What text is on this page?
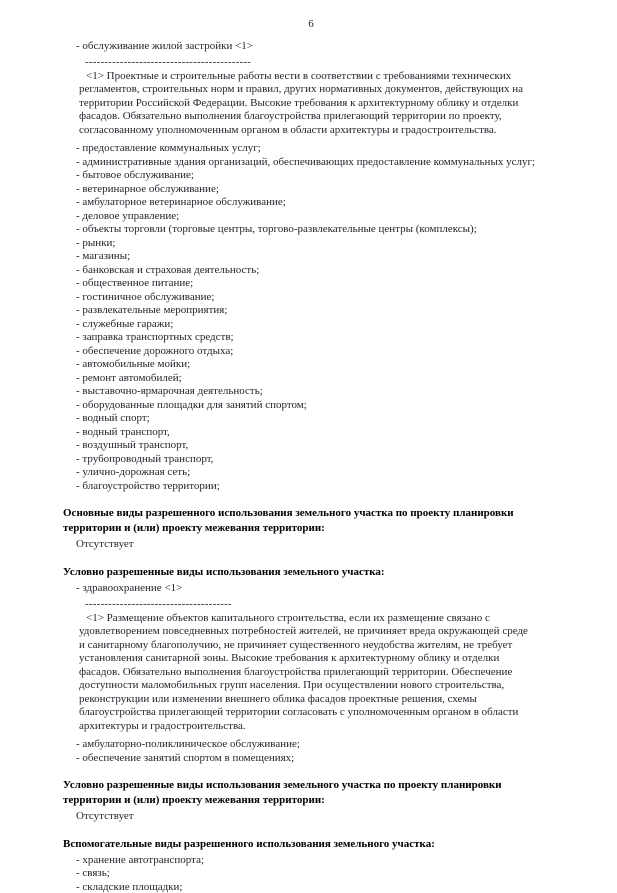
6
- обслуживание жилой застройки <1>
-------------------------------------------
<1> Проектные и строительные работы вести в соответствии с требованиями технических регламентов, строительных норм и правил, других нормативных документов, действующих на территории Российской Федерации. Высокие требования к архитектурному облику и отделки фасадов. Обязательно выполнения благоустройства прилегающий территории по проекту, согласованному уполномоченным органом в области архитектуры и градостроительства.
- предоставление коммунальных услуг;
- административные здания организаций, обеспечивающих предоставление коммунальных услуг;
- бытовое обслуживание;
- ветеринарное обслуживание;
- амбулаторное ветеринарное обслуживание;
- деловое управление;
- объекты торговли (торговые центры, торгово-развлекательные центры (комплексы);
- рынки;
- магазины;
- банковская и страховая деятельность;
- общественное питание;
- гостиничное обслуживание;
- развлекательные мероприятия;
- служебные гаражи;
- заправка транспортных средств;
- обеспечение дорожного отдыха;
- автомобильные мойки;
- ремонт автомобилей;
- выставочно-ярмарочная деятельность;
- оборудованные площадки для занятий спортом;
- водный спорт;
- водный транспорт,
- воздушный транспорт,
- трубопроводный транспорт,
- улично-дорожная сеть;
- благоустройство территории;
Основные виды разрешенного использования земельного участка по проекту планировки территории и (или) проекту межевания территории:
Отсутствует
Условно разрешенные виды использования земельного участка:
- здравоохранение <1>
--------------------------------------
<1> Размещение объектов капитального строительства, если их размещение связано с удовлетворением повседневных потребностей жителей, не причиняет вреда окружающей среде и санитарному благополучию, не причиняет существенного неудобства жителям, не требует установления санитарной зоны. Высокие требования к архитектурному облику и отделки фасадов. Обязательно выполнения благоустройства прилегающий территории. Обеспечение доступности маломобильных групп населения. При осуществлении нового строительства, реконструкции или изменении внешнего облика фасадов проектные решения, схемы благоустройства прилегающей территории согласовать с уполномоченным органом в области архитектуры и градостроительства.
- амбулаторно-поликлиническое обслуживание;
- обеспечение занятий спортом в помещениях;
Условно разрешенные виды использования земельного участка по проекту планировки территории и (или) проекту межевания территории:
Отсутствует
Вспомогательные виды разрешенного использования земельного участка:
- хранение автотранспорта;
- связь;
- складские площадки;
